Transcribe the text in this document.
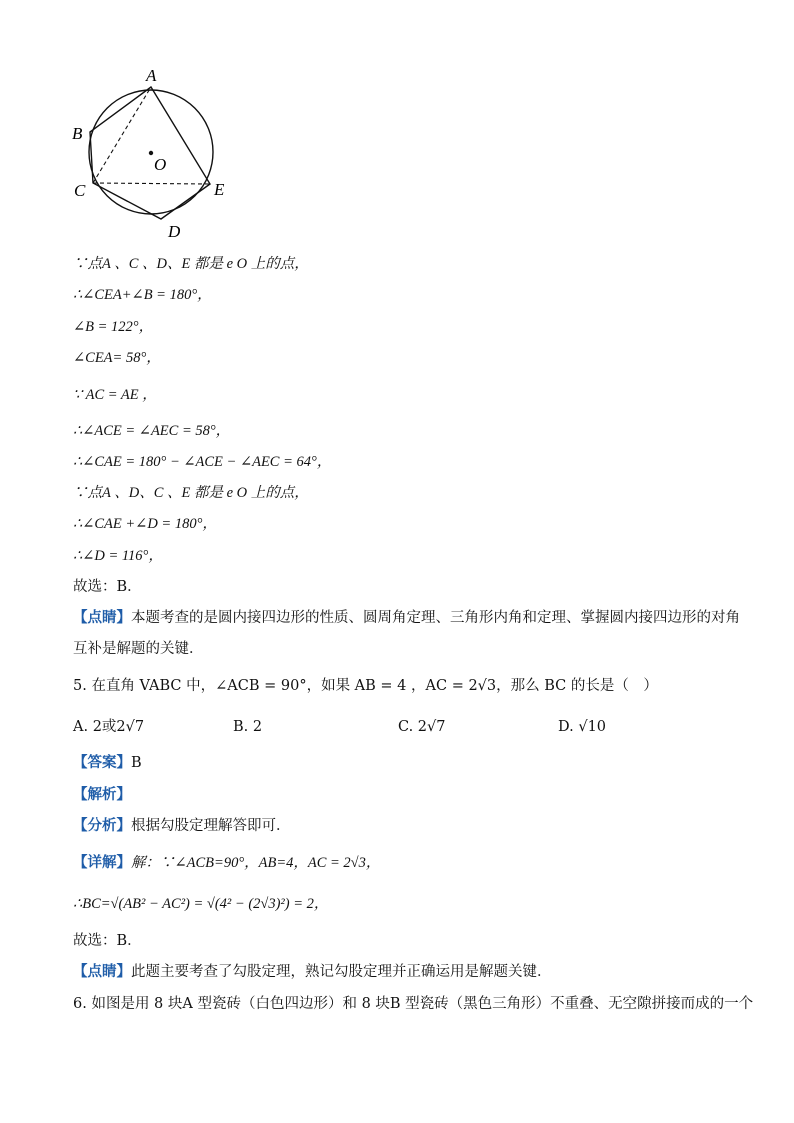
A
B
C
D
E
O
∵点A 、C 、D、E 都是 e O 上的点，
∴∠CEA+∠B = 180°，
∠B = 122°，
∠CEA= 58°，
∵ AC = AE ，
∴∠ACE = ∠AEC = 58°，
∴∠CAE = 180° − ∠ACE − ∠AEC = 64°，
∵点A 、D、C 、E 都是 e O 上的点，
∴∠CAE +∠D = 180°，
∴∠D = 116°，
故选：B．
【点睛】本题考查的是圆内接四边形的性质、圆周角定理、三角形内角和定理、掌握圆内接四边形的对角
互补是解题的关键．
5. 在直角 VABC 中，∠ACB = 90°，如果 AB = 4 ，AC = 2√3，那么 BC 的长是（　）
A. 2或2√7	B. 2	C. 2√7	D. √10
【答案】B
【解析】
【分析】根据勾股定理解答即可．
【详解】解：∵∠ACB=90°，AB=4，AC = 2√3，
∴BC=√(AB² − AC²) = √(4² − (2√3)²) = 2，
故选：B．
【点睛】此题主要考查了勾股定理，熟记勾股定理并正确运用是解题关键．
6. 如图是用 8 块A 型瓷砖（白色四边形）和 8 块B 型瓷砖（黑色三角形）不重叠、无空隙拼接而成的一个
